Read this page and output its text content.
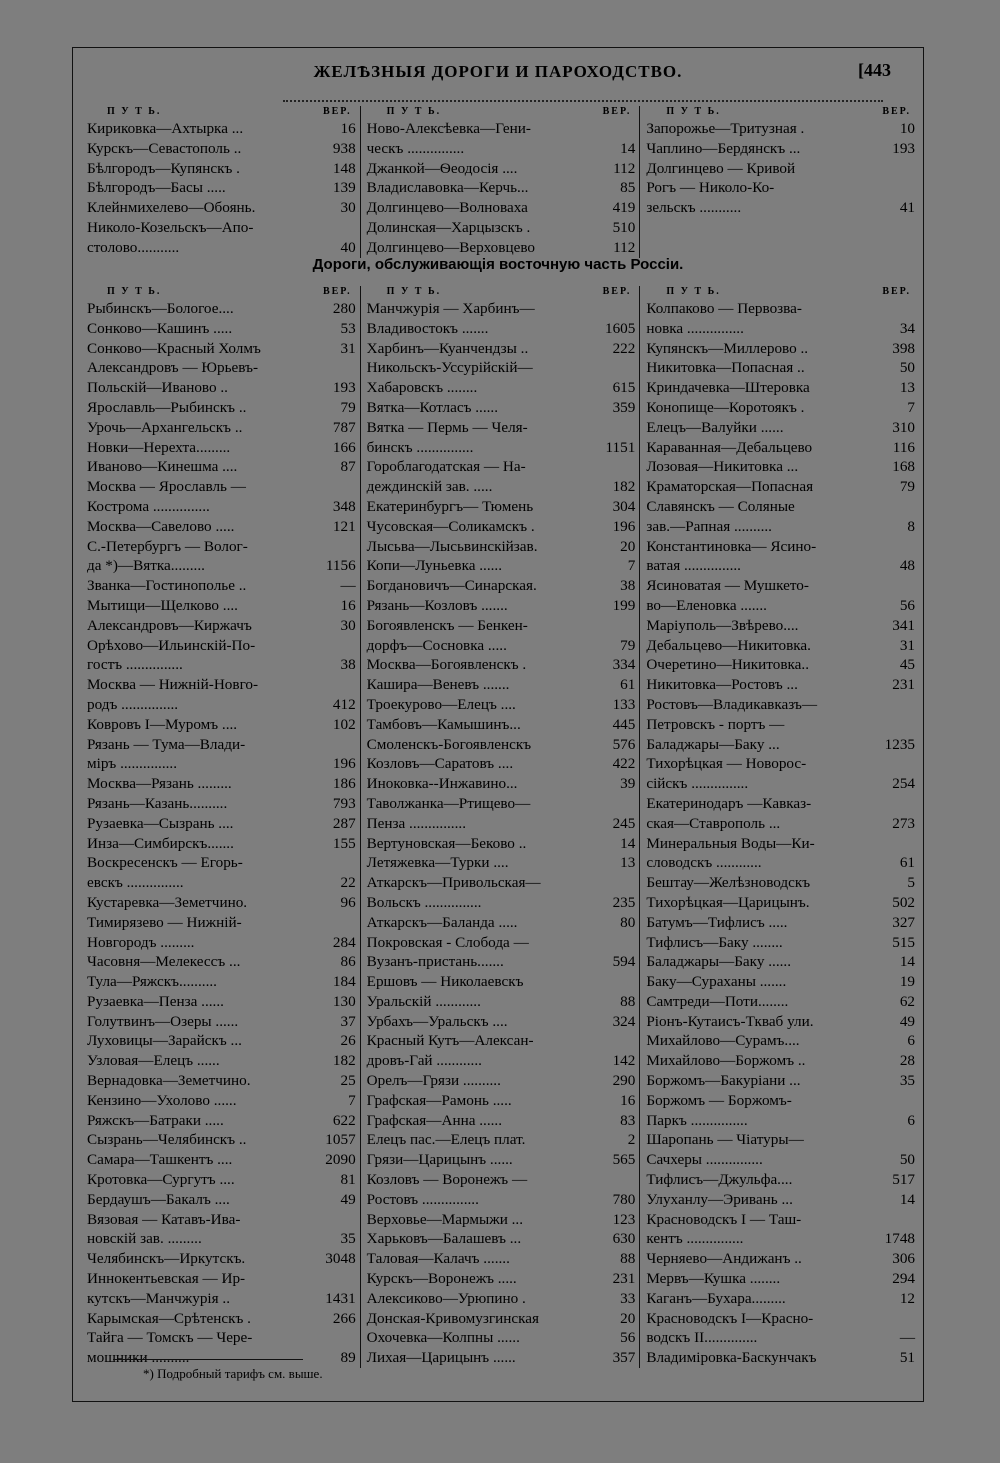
ЖЕЛѢЗНЫЯ ДОРОГИ И ПАРОХОДСТВО.	[443
П У Т Ь.	ВЕР.
Кириковка—Ахтырка ...	16
Курскъ—Севастополь ..	938
Бѣлгородъ—Купянскъ .	148
Бѣлгородъ—Басы .....	139
Клейнмихелево—Обоянь.	30
Николо-Козельскъ—Апо-
столово...........	40
П У Т Ь.	ВЕР.
Ново-Алексѣевка—Гени-
ческъ ...............	14
Джанкой—Ѳеодосія ....	112
Владиславовка—Керчь...	85
Долгинцево—Волноваха	419
Долинская—Харцызскъ .	510
Долгинцево—Верховцево	112
П У Т Ь.	ВЕР.
Запорожье—Тритузная .	10
Чаплино—Бердянскъ ...	193
Долгинцево — Кривой
Рогъ — Николо-Ко-
зельскъ ...........	41
Дороги, обслуживающія восточную часть Россіи.
П У Т Ь.	ВЕР.
Рыбинскъ—Бологое....	280
Сонково—Кашинъ .....	53
Сонково—Красный Холмъ	31
Александровъ — Юрьевъ-
Польскій—Иваново ..	193
Ярославль—Рыбинскъ ..	79
Урочь—Архангельскъ ..	787
Новки—Нерехта.........	166
Иваново—Кинешма ....	87
Москва — Ярославль —
Кострома ...............	348
Москва—Савелово .....	121
С.-Петербургъ — Волог-
да *)—Вятка.........	1156
Званка—Гостинополье ..	—
Мытищи—Щелково ....	16
Александровъ—Киржачъ	30
Орѣхово—Ильинскій-По-
гостъ ...............	38
Москва — Нижній-Новго-
родъ ...............	412
Ковровъ I—Муромъ ....	102
Рязань — Тума—Влади-
міръ ...............	196
Москва—Рязань .........	186
Рязань—Казань..........	793
Рузаевка—Сызрань ....	287
Инза—Симбирскъ.......	155
Воскресенскъ — Егорь-
евскъ ...............	22
Кустаревка—Земетчино.	96
Тимирязево — Нижній-
Новгородъ .........	284
Часовня—Мелекессъ ...	86
Тула—Ряжскъ..........	184
Рузаевка—Пенза ......	130
Голутвинъ—Озеры ......	37
Луховицы—Зарайскъ ...	26
Узловая—Елецъ ......	182
Вернадовка—Земетчино.	25
Кензино—Ухолово ......	7
Ряжскъ—Батраки .....	622
Сызрань—Челябинскъ ..	1057
Самара—Ташкентъ ....	2090
Кротовка—Сургутъ ....	81
Бердаушъ—Бакалъ ....	49
Вязовая — Катавъ-Ива-
новскій зав. .........	35
Челябинскъ—Иркутскъ.	3048
Иннокентьевская — Ир-
кутскъ—Манчжурія ..	1431
Карымская—Срѣтенскъ .	266
Тайга — Томскъ — Чере-
мошники ..........	89
П У Т Ь.	ВЕР.
Манчжурія — Харбинъ—
Владивостокъ .......	1605
Харбинъ—Куанчендзы ..	222
Никольскъ-Уссурійскій—
Хабаровскъ ........	615
Вятка—Котласъ ......	359
Вятка — Пермь — Челя-
бинскъ ...............	1151
Гороблагодатская — На-
деждинскій зав. .....	182
Екатеринбургъ— Тюмень	304
Чусовская—Соликамскъ .	196
Лысьва—Лысьвинскійзав.	20
Копи—Луньевка ......	7
Богдановичъ—Синарская.	38
Рязань—Козловъ .......	199
Богоявленскъ — Бенкен-
дорфъ—Сосновка .....	79
Москва—Богоявленскъ .	334
Кашира—Веневъ .......	61
Троекурово—Елецъ ....	133
Тамбовъ—Камышинъ...	445
Смоленскъ-Богоявленскъ	576
Козловъ—Саратовъ ....	422
Иноковка--Инжавино...	39
Таволжанка—Ртищево—
Пенза ...............	245
Вертуновская—Беково ..	14
Летяжевка—Турки ....	13
Аткарскъ—Привольская—
Вольскъ ...............	235
Аткарскъ—Баланда .....	80
Покровская - Слобода —
Вузанъ-пристань.......	594
Ершовъ — Николаевскъ
Уральскій ............	88
Урбахъ—Уральскъ ....	324
Красный Кутъ—Алексан-
дровъ-Гай ............	142
Орелъ—Грязи ..........	290
Графская—Рамонь .....	16
Графская—Анна ......	83
Елецъ пас.—Елецъ плат.	2
Грязи—Царицынъ ......	565
Козловъ — Воронежъ —
Ростовъ ...............	780
Верховье—Мармыжи ...	123
Харьковъ—Балашевъ ...	630
Таловая—Калачъ .......	88
Курскъ—Воронежъ .....	231
Алексиково—Урюпино .	33
Донская-Кривомузгинская	20
Охочевка—Колпны ......	56
Лихая—Царицынъ ......	357
П У Т Ь.	ВЕР.
Колпаково — Первозва-
новка ...............	34
Купянскъ—Миллерово ..	398
Никитовка—Попасная ..	50
Криндачевка—Штеровка	13
Конопище—Коротоякъ .	7
Елецъ—Валуйки ......	310
Караванная—Дебальцево	116
Лозовая—Никитовка ...	168
Краматорская—Попасная	79
Славянскъ — Соляные
зав.—Рапная ..........	8
Константиновка— Ясино-
ватая ...............	48
Ясиноватая — Мушкето-
во—Еленовка .......	56
Маріуполь—Звѣрево....	341
Дебальцево—Никитовка.	31
Очеретино—Никитовка..	45
Никитовка—Ростовъ ...	231
Ростовъ—Владикавказъ—
Петровскъ - портъ —
Баладжары—Баку ...	1235
Тихорѣцкая — Новорос-
сійскъ ...............	254
Екатеринодаръ —Кавказ-
ская—Ставрополь ...	273
Минеральныя Воды—Ки-
словодскъ ............	61
Бештау—Желѣзноводскъ	5
Тихорѣцкая—Царицынъ.	502
Батумъ—Тифлисъ .....	327
Тифлисъ—Баку ........	515
Баладжары—Баку ......	14
Баку—Сураханы .......	19
Самтреди—Поти........	62
Ріонъ-Кутаисъ-Ткваб ули.	49
Михайлово—Сурамъ....	6
Михайлово—Боржомъ ..	28
Боржомъ—Бакуріани ...	35
Боржомъ — Боржомъ-
Паркъ ...............	6
Шаропань — Чіатуры—
Сачхеры ...............	50
Тифлисъ—Джульфа....	517
Улуханлу—Эривань ...	14
Красноводскъ I — Таш-
кентъ ...............	1748
Черняево—Андижанъ ..	306
Мервъ—Кушка ........	294
Каганъ—Бухара.........	12
Красноводскъ I—Красно-
водскъ II..............	—
Владиміровка-Баскунчакъ	51
*) Подробный тарифъ см. выше.
